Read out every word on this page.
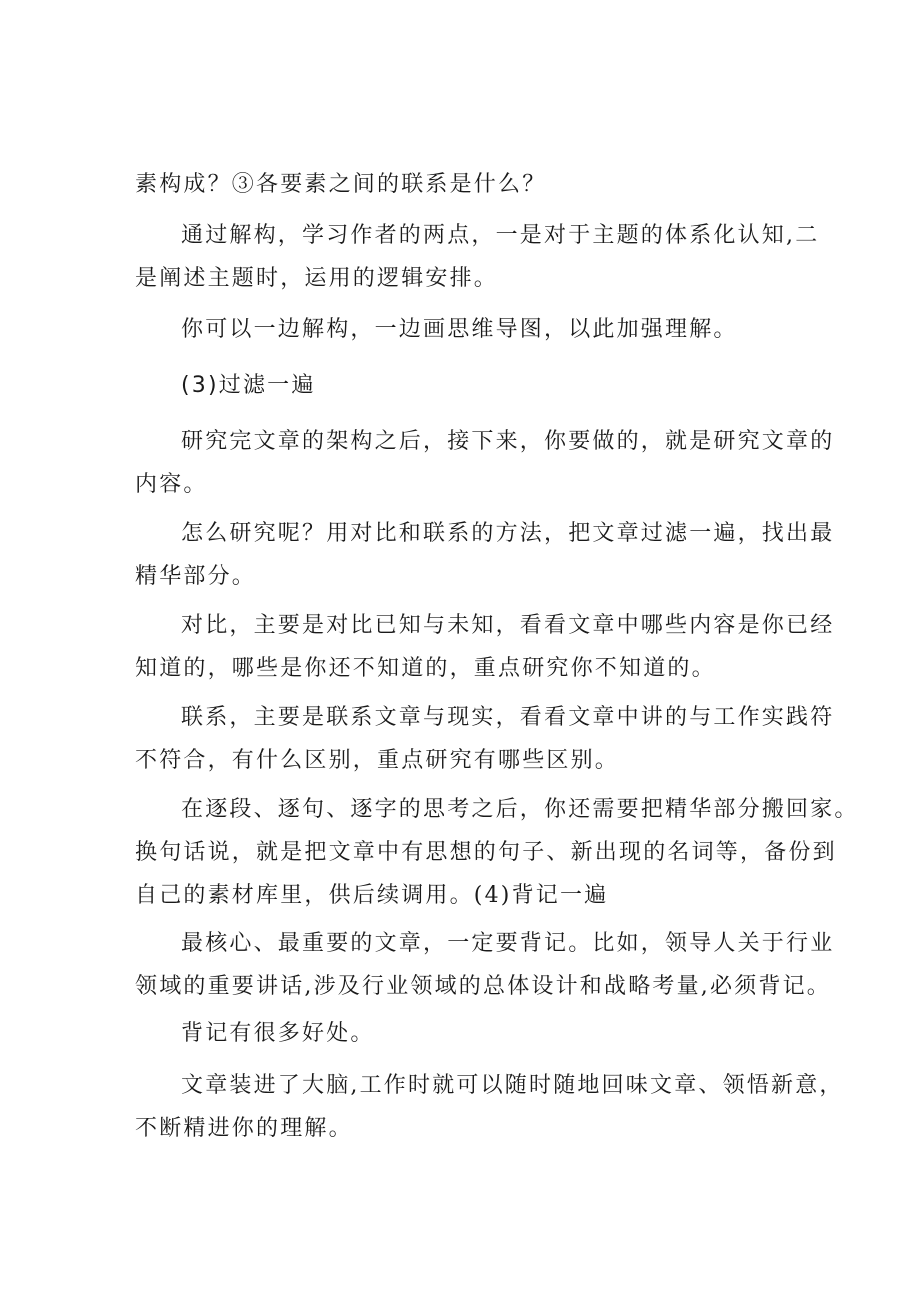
素构成？③各要素之间的联系是什么？

通过解构，学习作者的两点，一是对于主题的体系化认知,二
是阐述主题时，运用的逻辑安排。

你可以一边解构，一边画思维导图，以此加强理解。

(3)过滤一遍

研究完文章的架构之后，接下来，你要做的，就是研究文章的
内容。

怎么研究呢？用对比和联系的方法，把文章过滤一遍，找出最
精华部分。

对比，主要是对比已知与未知，看看文章中哪些内容是你已经
知道的，哪些是你还不知道的，重点研究你不知道的。

联系，主要是联系文章与现实，看看文章中讲的与工作实践符
不符合，有什么区别，重点研究有哪些区别。

在逐段、逐句、逐字的思考之后，你还需要把精华部分搬回家。
换句话说，就是把文章中有思想的句子、新出现的名词等，备份到
自己的素材库里，供后续调用。(4)背记一遍

最核心、最重要的文章，一定要背记。比如，领导人关于行业
领域的重要讲话,涉及行业领域的总体设计和战略考量,必须背记。

背记有很多好处。

文章装进了大脑,工作时就可以随时随地回味文章、领悟新意，
不断精进你的理解。
